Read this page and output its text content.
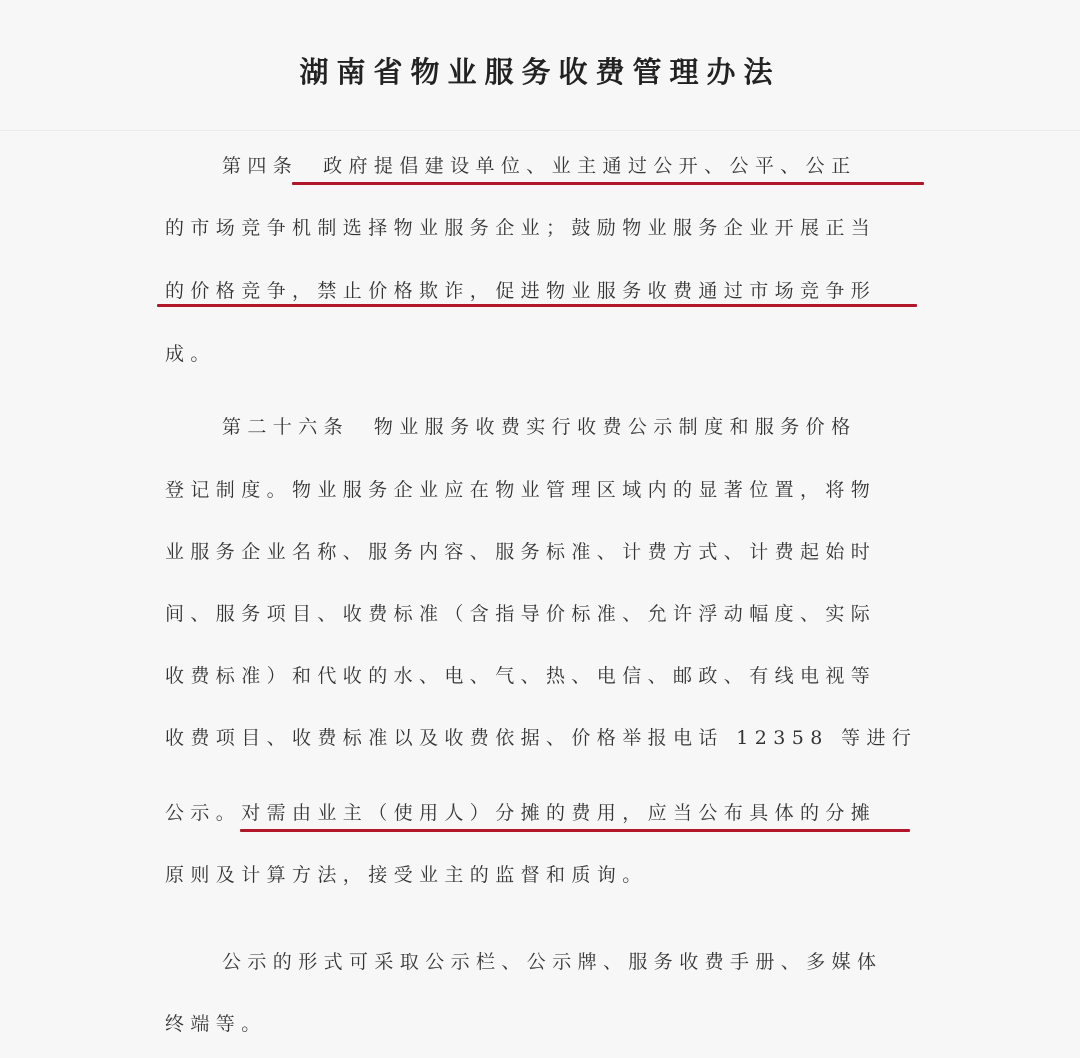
湖南省物业服务收费管理办法
第四条  政府提倡建设单位、业主通过公开、公平、公正
的市场竞争机制选择物业服务企业；鼓励物业服务企业开展正当
的价格竞争，禁止价格欺诈，促进物业服务收费通过市场竞争形
成。
第二十六条  物业服务收费实行收费公示制度和服务价格
登记制度。物业服务企业应在物业管理区域内的显著位置，将物
业服务企业名称、服务内容、服务标准、计费方式、计费起始时
间、服务项目、收费标准（含指导价标准、允许浮动幅度、实际
收费标准）和代收的水、电、气、热、电信、邮政、有线电视等
收费项目、收费标准以及收费依据、价格举报电话 12358 等进行
公示。对需由业主（使用人）分摊的费用，应当公布具体的分摊
原则及计算方法，接受业主的监督和质询。
公示的形式可采取公示栏、公示牌、服务收费手册、多媒体
终端等。
